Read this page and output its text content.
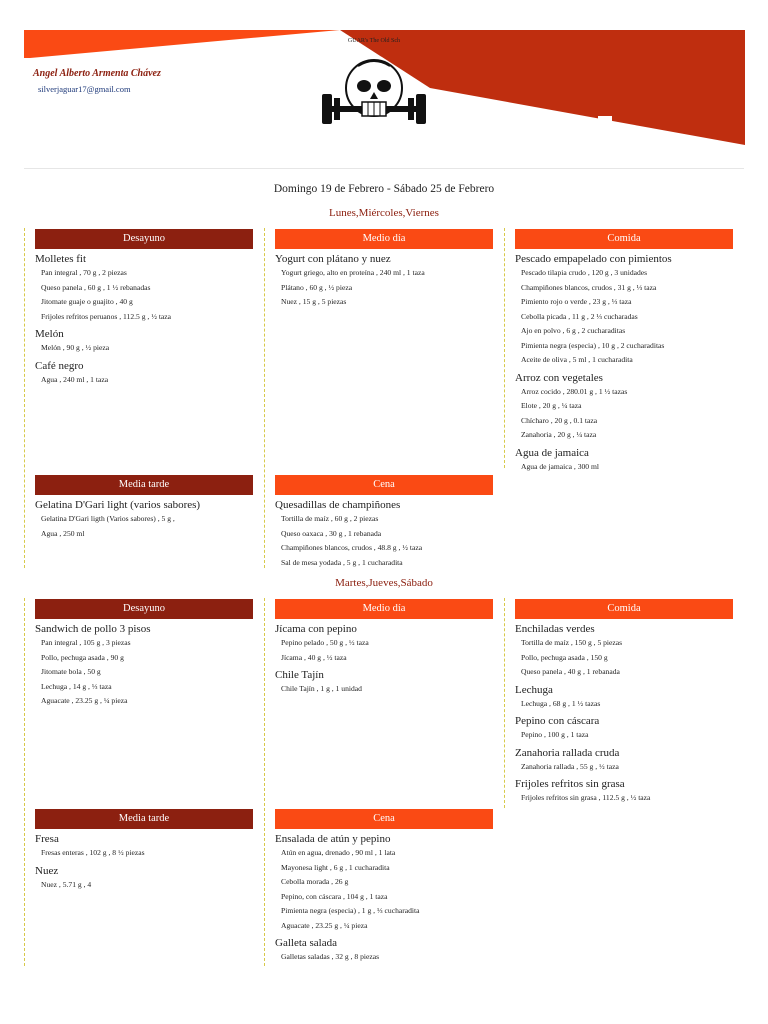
GUAR's The Old Sch
Angel Alberto Armenta Chávez
silverjaguar17@gmail.com
Domingo 19 de Febrero - Sábado 25 de Febrero
Lunes,Miércoles,Viernes
Martes,Jueves,Sábado
Desayuno
Molletes fit
Pan integral , 70 g , 2 piezas
Queso panela , 60 g , 1 ½ rebanadas
Jitomate guaje o guajito , 40 g
Frijoles refritos peruanos , 112.5 g , ½ taza
Melón
Melón , 90 g , ½ pieza
Café negro
Agua , 240 ml , 1 taza
Medio día
Yogurt con plátano y nuez
Yogurt griego, alto en proteína , 240 ml , 1 taza
Plátano , 60 g , ½ pieza
Nuez , 15 g , 5 piezas
Comida
Pescado empapelado con pimientos
Pescado tilapia crudo , 120 g , 3 unidades
Champiñones blancos, crudos , 31 g , ⅓ taza
Pimiento rojo o verde , 23 g , ⅓ taza
Cebolla picada , 11 g , 2 ⅓ cucharadas
Ajo en polvo , 6 g , 2 cucharaditas
Pimienta negra (especia) , 10 g , 2 cucharaditas
Aceite de oliva , 5 ml , 1 cucharadita
Arroz con vegetales
Arroz cocido , 280.01 g , 1 ½ tazas
Elote , 20 g , ¼ taza
Chícharo , 20 g , 0.1 taza
Zanahoria , 20 g , ¼ taza
Agua de jamaica
Agua de jamaica , 300 ml
Media tarde
Gelatina D'Gari light (varios sabores)
Gelatina D'Gari ligth (Varios sabores) , 5 g ,
Agua , 250 ml
Cena
Quesadillas de champiñones
Tortilla de maíz , 60 g , 2 piezas
Queso oaxaca , 30 g , 1 rebanada
Champiñones blancos, crudos , 48.8 g , ½ taza
Sal de mesa yodada , 5 g , 1 cucharadita
Desayuno
Sandwich de pollo 3 pisos
Pan integral , 105 g , 3 piezas
Pollo, pechuga asada , 90 g
Jitomate bola , 50 g
Lechuga , 14 g , ⅓ taza
Aguacate , 23.25 g , ¼ pieza
Medio día
Jícama con pepino
Pepino pelado , 50 g , ½ taza
Jícama , 40 g , ½ taza
Chile Tajín
Chile Tajín , 1 g , 1 unidad
Comida
Enchiladas verdes
Tortilla de maíz , 150 g , 5 piezas
Pollo, pechuga asada , 150 g
Queso panela , 40 g , 1 rebanada
Lechuga
Lechuga , 68 g , 1 ½ tazas
Pepino con cáscara
Pepino , 100 g , 1 taza
Zanahoria rallada cruda
Zanahoria rallada , 55 g , ½ taza
Frijoles refritos sin grasa
Frijoles refritos sin grasa , 112.5 g , ½ taza
Media tarde
Fresa
Fresas enteras , 102 g , 8 ½ piezas
Nuez
Nuez , 5.71 g , 4
Cena
Ensalada de atún y pepino
Atún en agua, drenado , 90 ml , 1 lata
Mayonesa light , 6 g , 1 cucharadita
Cebolla morada , 26 g
Pepino, con cáscara , 104 g , 1 taza
Pimienta negra (especia) , 1 g , ⅓ cucharadita
Aguacate , 23.25 g , ¼ pieza
Galleta salada
Galletas saladas , 32 g , 8 piezas
